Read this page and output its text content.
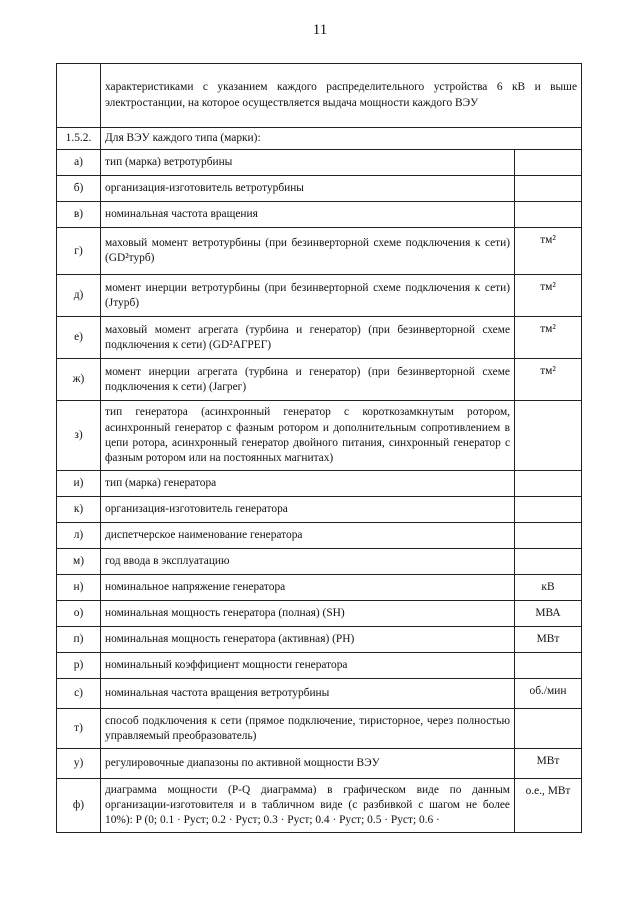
11
	характеристиками с указанием каждого распределительного устройства 6 кВ и выше электростанции, на которое осуществляется выдача мощности каждого ВЭУ	
1.5.2.	Для ВЭУ каждого типа (марки):	
а)	тип (марка) ветротурбины	
б)	организация-изготовитель ветротурбины	
в)	номинальная частота вращения	
г)	маховый момент ветротурбины (при безинверторной схеме подключения к сети) (GD²турб)	тм²
д)	момент инерции ветротурбины (при безинверторной схеме подключения к сети) (Jтурб)	тм²
е)	маховый момент агрегата (турбина и генератор) (при безинверторной схеме подключения к сети) (GD²АГРЕГ)	тм²
ж)	момент инерции агрегата (турбина и генератор) (при безинверторной схеме подключения к сети) (Jагрег)	тм²
з)	тип генератора (асинхронный генератор с короткозамкнутым ротором, асинхронный генератор с фазным ротором и дополнительным сопротивлением в цепи ротора, асинхронный генератор двойного питания, синхронный генератор с фазным ротором или на постоянных магнитах)	
и)	тип (марка) генератора	
к)	организация-изготовитель генератора	
л)	диспетчерское наименование генератора	
м)	год ввода в эксплуатацию	
н)	номинальное напряжение генератора	кВ
о)	номинальная мощность генератора (полная) (SH)	МВА
п)	номинальная мощность генератора (активная) (PH)	МВт
р)	номинальный коэффициент мощности генератора	
с)	номинальная частота вращения ветротурбины	об./мин
т)	способ подключения к сети (прямое подключение, тиристорное, через полностью управляемый преобразователь)	
у)	регулировочные диапазоны по активной мощности ВЭУ	МВт
ф)	диаграмма мощности (P-Q диаграмма) в графическом виде по данным организации-изготовителя и в табличном виде (с разбивкой с шагом не более 10%): P (0; 0.1 · Руст; 0.2 · Руст; 0.3 · Руст; 0.4 · Руст; 0.5 · Руст; 0.6 ·	о.е., МВт
